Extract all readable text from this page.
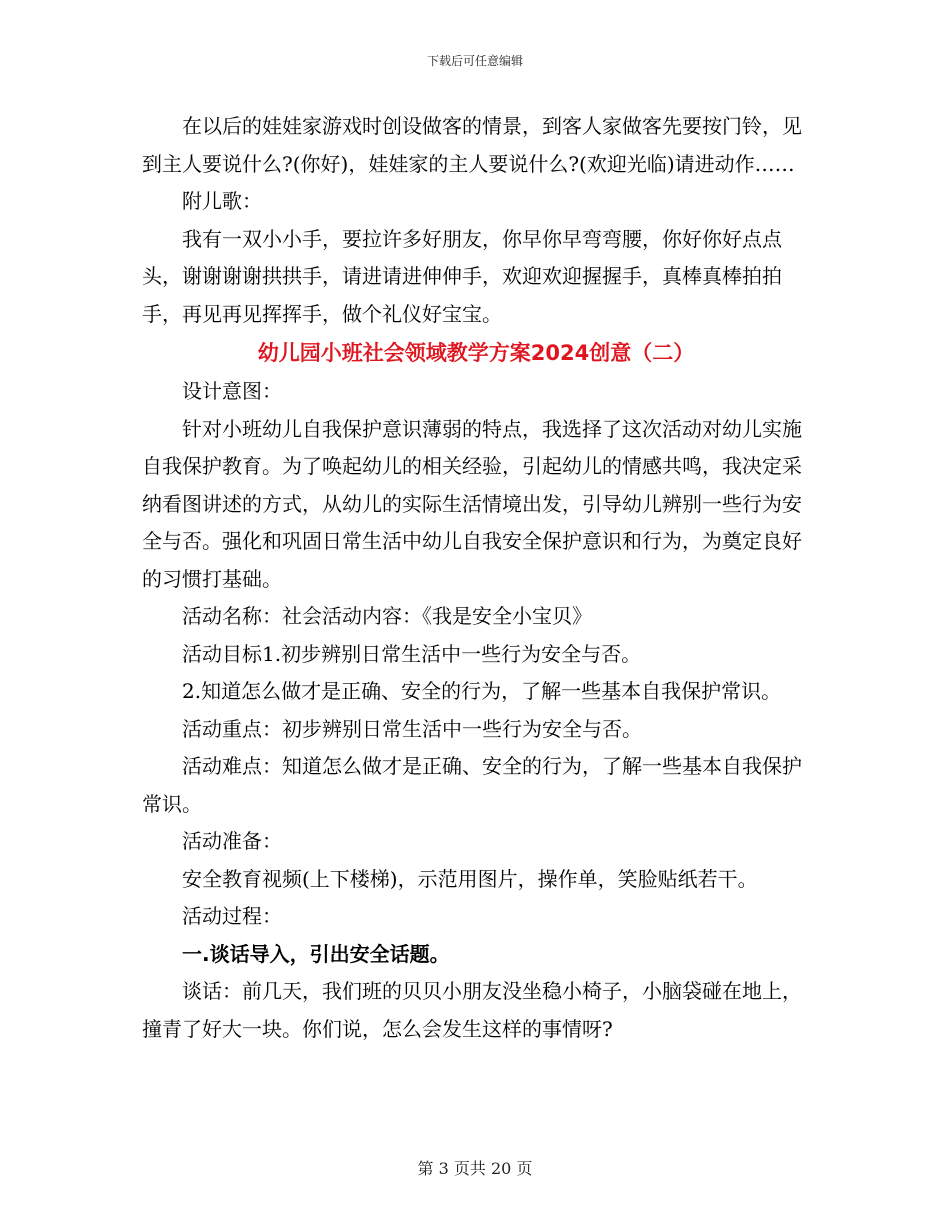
下载后可任意编辑

在以后的娃娃家游戏时创设做客的情景，到客人家做客先要按门铃，见到主人要说什么?(你好)，娃娃家的主人要说什么?(欢迎光临)请进动作……

附儿歌：

我有一双小小手，要拉许多好朋友，你早你早弯弯腰，你好你好点点头，谢谢谢谢拱拱手，请进请进伸伸手，欢迎欢迎握握手，真棒真棒拍拍手，再见再见挥挥手，做个礼仪好宝宝。

幼儿园小班社会领域教学方案2024创意（二）

设计意图：

针对小班幼儿自我保护意识薄弱的特点，我选择了这次活动对幼儿实施自我保护教育。为了唤起幼儿的相关经验，引起幼儿的情感共鸣，我决定采纳看图讲述的方式，从幼儿的实际生活情境出发，引导幼儿辨别一些行为安全与否。强化和巩固日常生活中幼儿自我安全保护意识和行为，为奠定良好的习惯打基础。

活动名称：社会活动内容：《我是安全小宝贝》

活动目标1.初步辨别日常生活中一些行为安全与否。

2.知道怎么做才是正确、安全的行为，了解一些基本自我保护常识。

活动重点：初步辨别日常生活中一些行为安全与否。

活动难点：知道怎么做才是正确、安全的行为，了解一些基本自我保护常识。

活动准备：

安全教育视频(上下楼梯)，示范用图片，操作单，笑脸贴纸若干。

活动过程：

一.谈话导入，引出安全话题。

谈话：前几天，我们班的贝贝小朋友没坐稳小椅子，小脑袋碰在地上，撞青了好大一块。你们说，怎么会发生这样的事情呀?

第 3 页共 20 页
